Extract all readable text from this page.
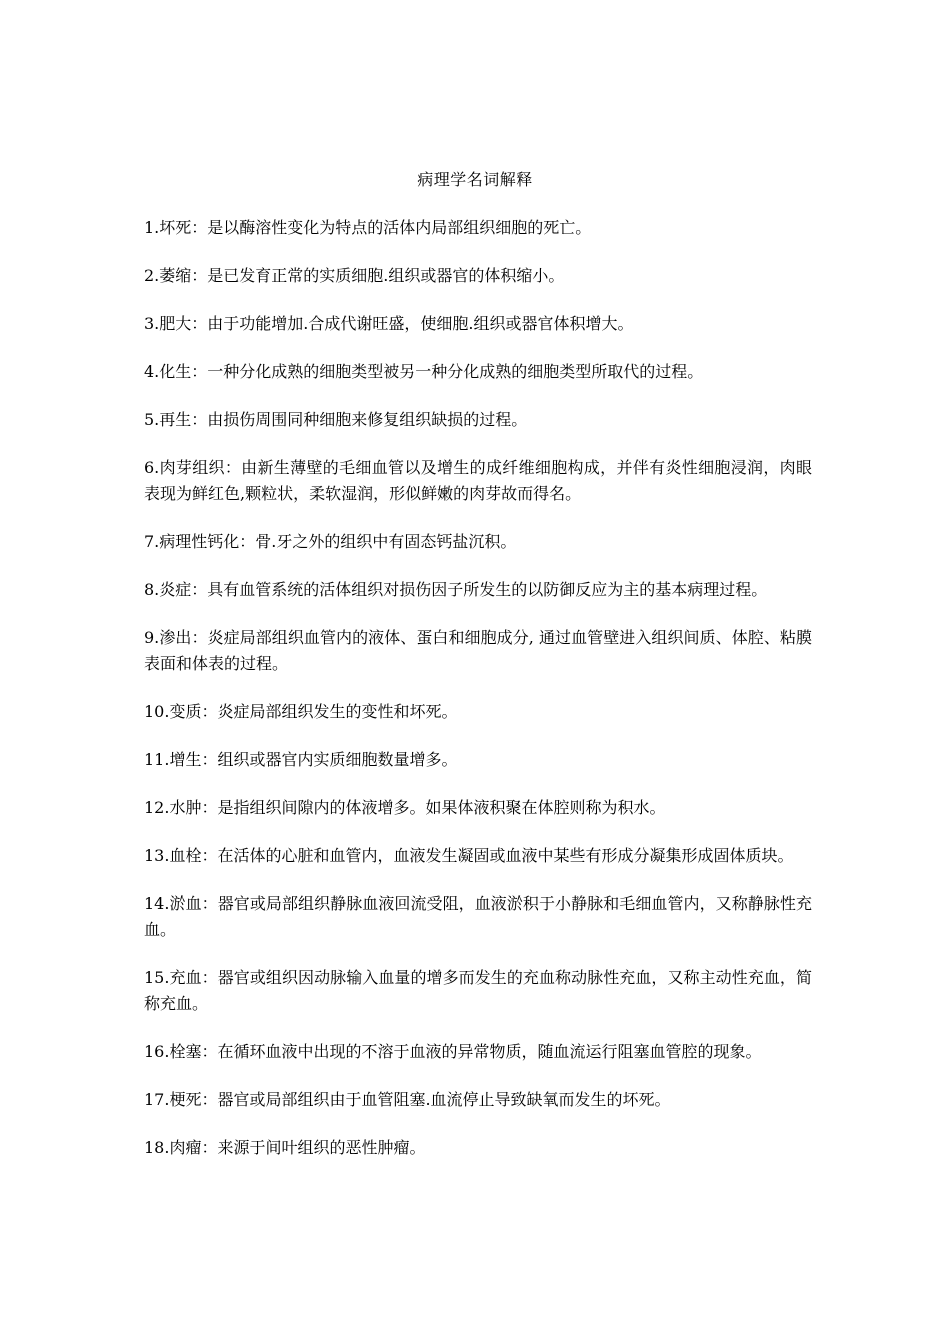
病理学名词解释

1.坏死：是以酶溶性变化为特点的活体内局部组织细胞的死亡。

2.萎缩：是已发育正常的实质细胞.组织或器官的体积缩小。

3.肥大：由于功能增加.合成代谢旺盛，使细胞.组织或器官体积增大。

4.化生：一种分化成熟的细胞类型被另一种分化成熟的细胞类型所取代的过程。

5.再生：由损伤周围同种细胞来修复组织缺损的过程。

6.肉芽组织：由新生薄壁的毛细血管以及增生的成纤维细胞构成，并伴有炎性细胞浸润，肉眼表现为鲜红色,颗粒状，柔软湿润，形似鲜嫩的肉芽故而得名。

7.病理性钙化：骨.牙之外的组织中有固态钙盐沉积。

8.炎症：具有血管系统的活体组织对损伤因子所发生的以防御反应为主的基本病理过程。

9.渗出：炎症局部组织血管内的液体、蛋白和细胞成分, 通过血管壁进入组织间质、体腔、粘膜表面和体表的过程。

10.变质：炎症局部组织发生的变性和坏死。

11.增生：组织或器官内实质细胞数量增多。

12.水肿：是指组织间隙内的体液增多。如果体液积聚在体腔则称为积水。

13.血栓：在活体的心脏和血管内，血液发生凝固或血液中某些有形成分凝集形成固体质块。

14.淤血：器官或局部组织静脉血液回流受阻，血液淤积于小静脉和毛细血管内，又称静脉性充血。

15.充血：器官或组织因动脉输入血量的增多而发生的充血称动脉性充血，又称主动性充血，简称充血。

16.栓塞：在循环血液中出现的不溶于血液的异常物质，随血流运行阻塞血管腔的现象。

17.梗死：器官或局部组织由于血管阻塞.血流停止导致缺氧而发生的坏死。

18.肉瘤：来源于间叶组织的恶性肿瘤。
